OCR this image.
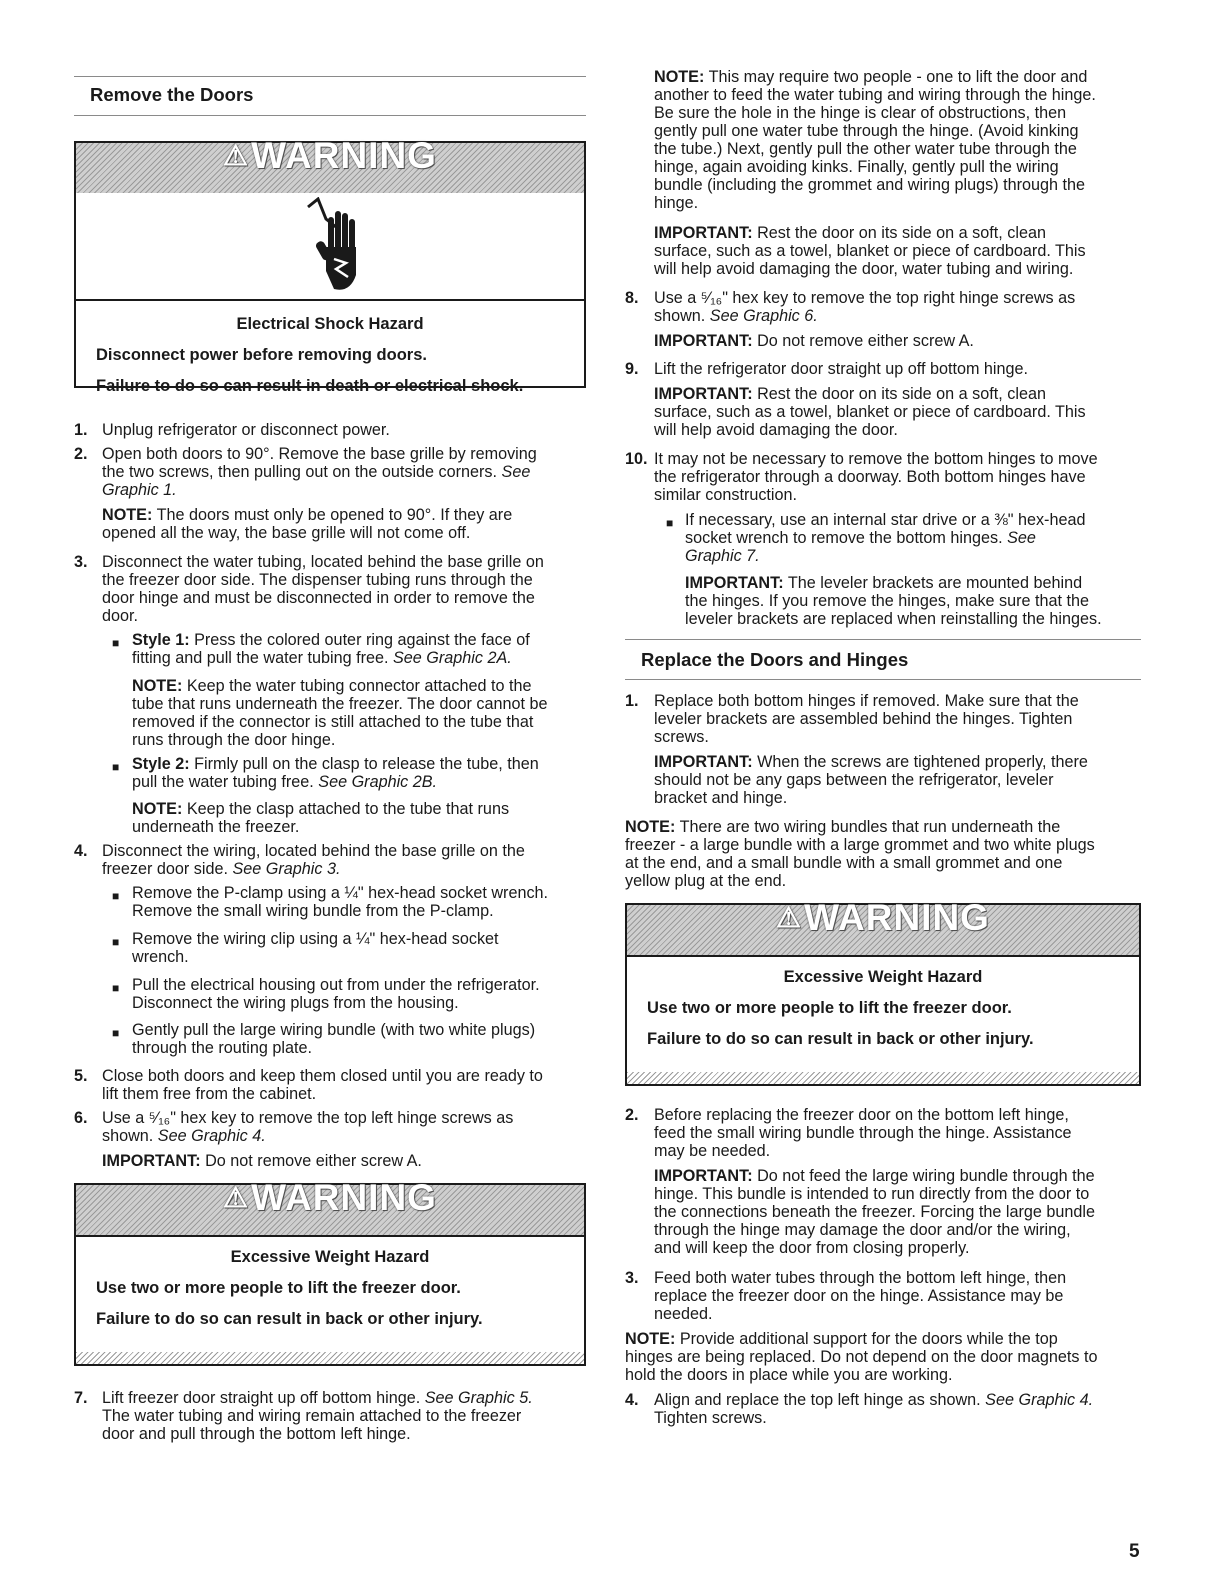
Remove the Doors
⚠WARNING
Electrical Shock Hazard
Disconnect power before removing doors.
Failure to do so can result in death or electrical shock.
1. Unplug refrigerator or disconnect power.

2. Open both doors to 90°. Remove the base grille by removing

the two screws, then pulling out on the outside corners. See

Graphic 1.

NOTE: The doors must only be opened to 90°. If they are

opened all the way, the base grille will not come off.

3. Disconnect the water tubing, located behind the base grille on

the freezer door side. The dispenser tubing runs through the

door hinge and must be disconnected in order to remove the

door.

■ Style 1: Press the colored outer ring against the face of

fitting and pull the water tubing free. See Graphic 2A.

NOTE: Keep the water tubing connector attached to the

tube that runs underneath the freezer. The door cannot be

removed if the connector is still attached to the tube that

runs through the door hinge.

■ Style 2: Firmly pull on the clasp to release the tube, then

pull the water tubing free. See Graphic 2B.

NOTE: Keep the clasp attached to the tube that runs

underneath the freezer.

4. Disconnect the wiring, located behind the base grille on the

freezer door side. See Graphic 3.

■ Remove the P-clamp using a ¼" hex-head socket wrench.

Remove the small wiring bundle from the P-clamp.

■ Remove the wiring clip using a ¼" hex-head socket

wrench.

■ Pull the electrical housing out from under the refrigerator.

Disconnect the wiring plugs from the housing.

■ Gently pull the large wiring bundle (with two white plugs)

through the routing plate.

5. Close both doors and keep them closed until you are ready to

lift them free from the cabinet.

6. Use a ⁵⁄₁₆" hex key to remove the top left hinge screws as

shown. See Graphic 4.

IMPORTANT: Do not remove either screw A.

⚠WARNING
Excessive Weight Hazard
Use two or more people to lift the freezer door.
Failure to do so can result in back or other injury.
7. Lift freezer door straight up off bottom hinge. See Graphic 5.

The water tubing and wiring remain attached to the freezer

door and pull through the bottom left hinge.

NOTE: This may require two people - one to lift the door and

another to feed the water tubing and wiring through the hinge.

Be sure the hole in the hinge is clear of obstructions, then

gently pull one water tube through the hinge. (Avoid kinking

the tube.) Next, gently pull the other water tube through the

hinge, again avoiding kinks. Finally, gently pull the wiring

bundle (including the grommet and wiring plugs) through the

hinge.

IMPORTANT: Rest the door on its side on a soft, clean

surface, such as a towel, blanket or piece of cardboard. This

will help avoid damaging the door, water tubing and wiring.

8. Use a ⁵⁄₁₆" hex key to remove the top right hinge screws as

shown. See Graphic 6.

IMPORTANT: Do not remove either screw A.

9. Lift the refrigerator door straight up off bottom hinge.

IMPORTANT: Rest the door on its side on a soft, clean

surface, such as a towel, blanket or piece of cardboard. This

will help avoid damaging the door.

10. It may not be necessary to remove the bottom hinges to move

the refrigerator through a doorway. Both bottom hinges have

similar construction.

■ If necessary, use an internal star drive or a ⅜" hex-head

socket wrench to remove the bottom hinges. See

Graphic 7.

IMPORTANT: The leveler brackets are mounted behind

the hinges. If you remove the hinges, make sure that the

leveler brackets are replaced when reinstalling the hinges.

Replace the Doors and Hinges
1. Replace both bottom hinges if removed. Make sure that the

leveler brackets are assembled behind the hinges. Tighten

screws.

IMPORTANT: When the screws are tightened properly, there

should not be any gaps between the refrigerator, leveler

bracket and hinge.

NOTE: There are two wiring bundles that run underneath the

freezer - a large bundle with a large grommet and two white plugs

at the end, and a small bundle with a small grommet and one

yellow plug at the end.

⚠WARNING
Excessive Weight Hazard
Use two or more people to lift the freezer door.
Failure to do so can result in back or other injury.
2. Before replacing the freezer door on the bottom left hinge,

feed the small wiring bundle through the hinge. Assistance

may be needed.

IMPORTANT: Do not feed the large wiring bundle through the

hinge. This bundle is intended to run directly from the door to

the connections beneath the freezer. Forcing the large bundle

through the hinge may damage the door and/or the wiring,

and will keep the door from closing properly.

3. Feed both water tubes through the bottom left hinge, then

replace the freezer door on the hinge. Assistance may be

needed.

NOTE: Provide additional support for the doors while the top

hinges are being replaced. Do not depend on the door magnets to

hold the doors in place while you are working.

4. Align and replace the top left hinge as shown. See Graphic 4.

Tighten screws.

5
